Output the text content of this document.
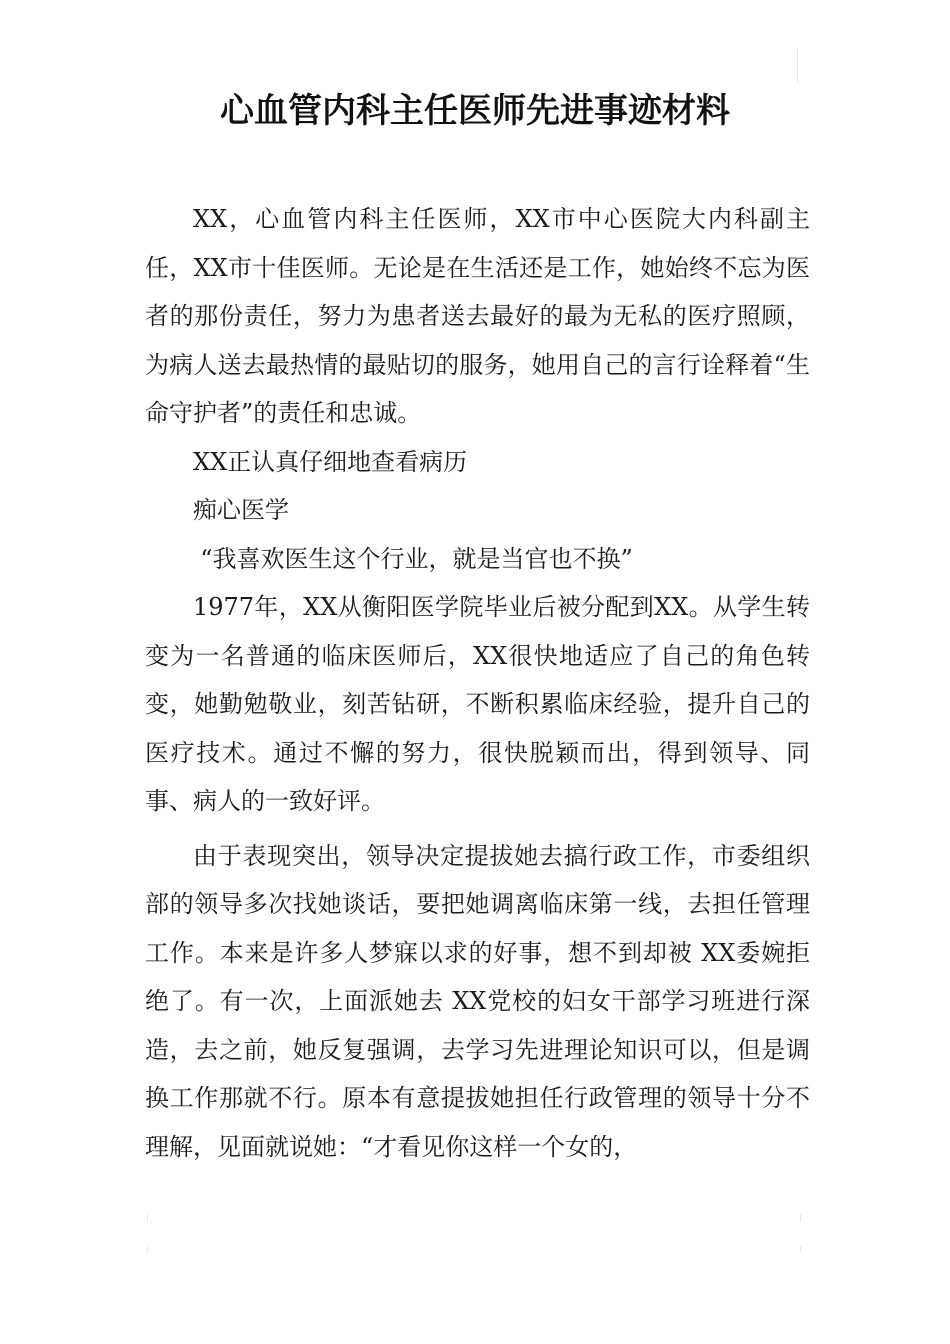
心血管内科主任医师先进事迹材料

XX，心血管内科主任医师，XX市中心医院大内科副主任，XX市十佳医师。无论是在生活还是工作，她始终不忘为医者的那份责任，努力为患者送去最好的最为无私的医疗照顾，为病人送去最热情的最贴切的服务，她用自己的言行诠释着“生命守护者”的责任和忠诚。

XX正认真仔细地查看病历

痴心医学

“我喜欢医生这个行业，就是当官也不换”

1977年，XX从衡阳医学院毕业后被分配到XX。从学生转变为一名普通的临床医师后，XX很快地适应了自己的角色转变，她勤勉敬业，刻苦钻研，不断积累临床经验，提升自己的医疗技术。通过不懈的努力，很快脱颖而出，得到领导、同事、病人的一致好评。

由于表现突出，领导决定提拔她去搞行政工作，市委组织部的领导多次找她谈话，要把她调离临床第一线，去担任管理工作。本来是许多人梦寐以求的好事，想不到却被 XX委婉拒绝了。有一次，上面派她去 XX党校的妇女干部学习班进行深造，去之前，她反复强调，去学习先进理论知识可以，但是调换工作那就不行。原本有意提拔她担任行政管理的领导十分不理解，见面就说她：“才看见你这样一个女的，
